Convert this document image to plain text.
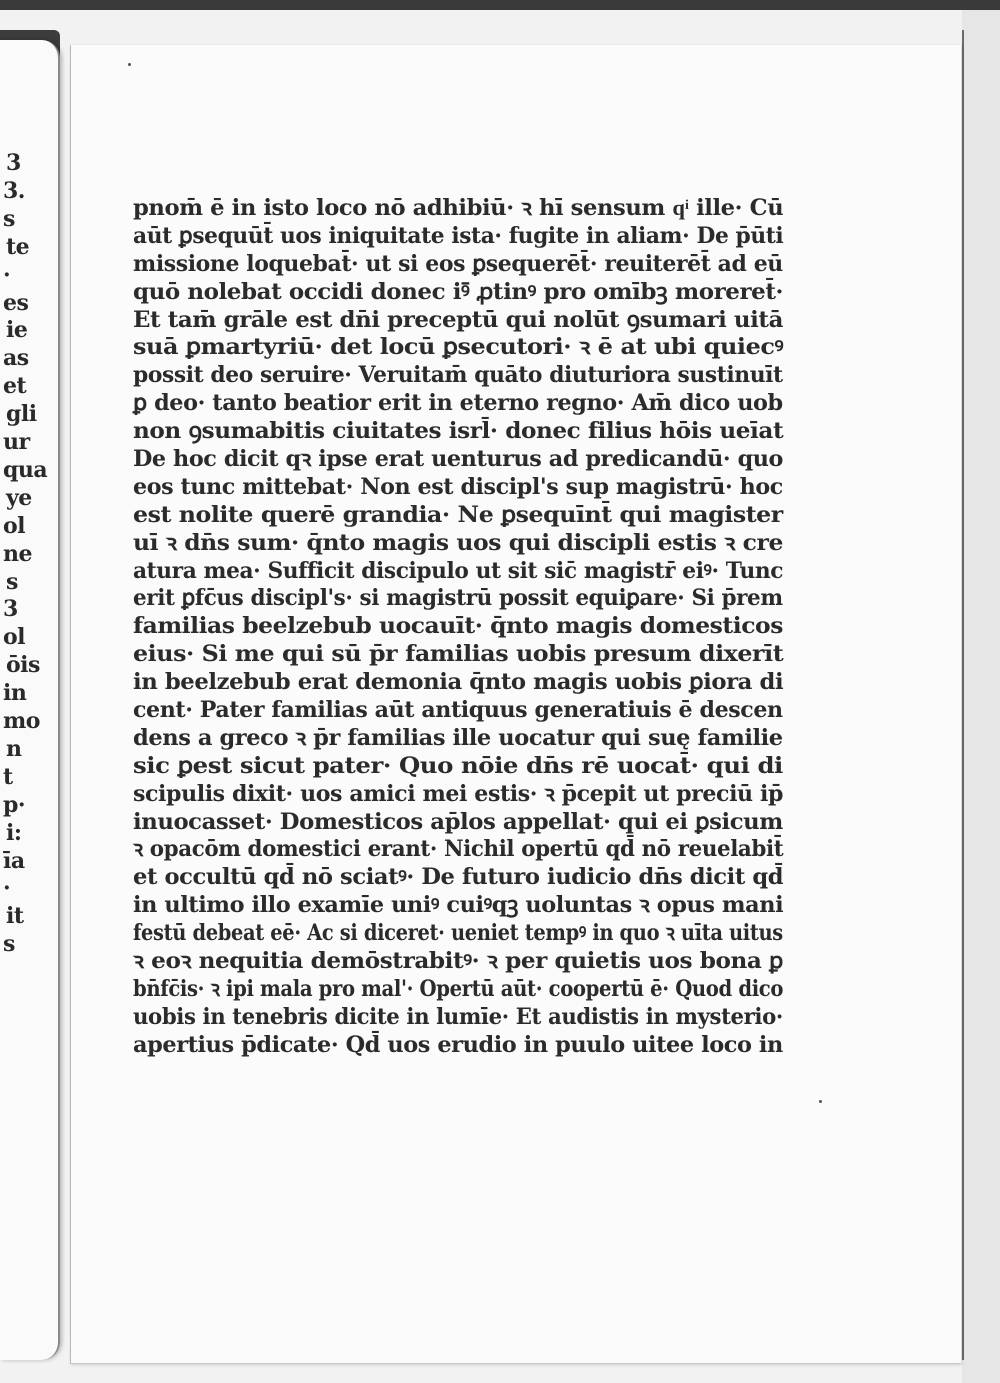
3
3.
s
te
·
es
ie
as
et
gli
ur
qua
ye
ol
ne
s
3
ol
ōis
in
mo
n
t
p·
i:
īa
·
it
s
pnom̄ ē in isto loco nō adhibiū· ꝛ hī sensum qͥ ille· Cū
aūt ꝑsequūt̄ uos iniquitate ista· fugite in aliam· De p̄ūti
missione loquebat̄· ut si eos ꝑsequerēt̄· reuiterēt̄ ad eū
quō nolebat occidi donec iꝰ̄ ꝓtinꝰ pro omībꝫ moreret̄·
Et tam̄ grāle est dn̄i preceptū qui nolūt ꝯsumari uitā
suā ꝑmartyriū· det locū ꝑsecutori· ꝛ ē at ubi quiecꝰ
possit deo seruire· Veruitam̄ quāto diuturiora sustinuīt
ꝑ deo· tanto beatior erit in eterno regno· Am̄ dico uob
non ꝯsumabitis ciuitates isrl̄· donec filius hōis ueīat
De hoc dicit qꝛ ipse erat uenturus ad predicandū· quo
eos tunc mittebat· Non est discipl's sup magistrū· hoc
est nolite querē grandia· Ne ꝑsequīnt̄ qui magister
uī ꝛ dn̄s sum· q̄nto magis uos qui discipli estis ꝛ cre
atura mea· Sufficit discipulo ut sit sic̄ magistr̄ eiꝰ· Tunc
erit ꝑfc̄us discipl's· si magistrū possit equiꝑare· Si p̄rem
familias beelzebub uocauīt· q̄nto magis domesticos
eius· Si me qui sū p̄r familias uobis presum dixerīt
in beelzebub erat demonia q̄nto magis uobis ꝑiora di
cent· Pater familias aūt antiquus generatiuis ē descen
dens a greco ꝛ p̄r familias ille uocatur qui suę familie
sic ꝑest sicut pater· Quo nōie dn̄s rē uocat̄· qui di
scipulis dixit· uos amici mei estis· ꝛ p̄cepit ut preciū ip̄
inuocasset· Domesticos ap̄los appellat· qui ei ꝑsicum
ꝛ opacōm domestici erant· Nichil opertū qd̄ nō reuelabit̄
et occultū qd̄ nō sciatꝰ· De futuro iudicio dn̄s dicit qd̄
in ultimo illo examīe uniꝰ cuiꝰqꝫ uoluntas ꝛ opus mani
festū debeat eē· Ac si diceret· ueniet tempꝰ in quo ꝛ uīta uitus
ꝛ eoꝛ nequitia demōstrabitꝰ· ꝛ per quietis uos bona ꝑ
bn̄fc̄is· ꝛ ipi mala pro mal'· Opertū aūt· coopertū ē· Quod dico
uobis in tenebris dicite in lumīe· Et audistis in mysterio·
apertius p̄dicate· Qd̄ uos erudio in puulo uitee loco in
